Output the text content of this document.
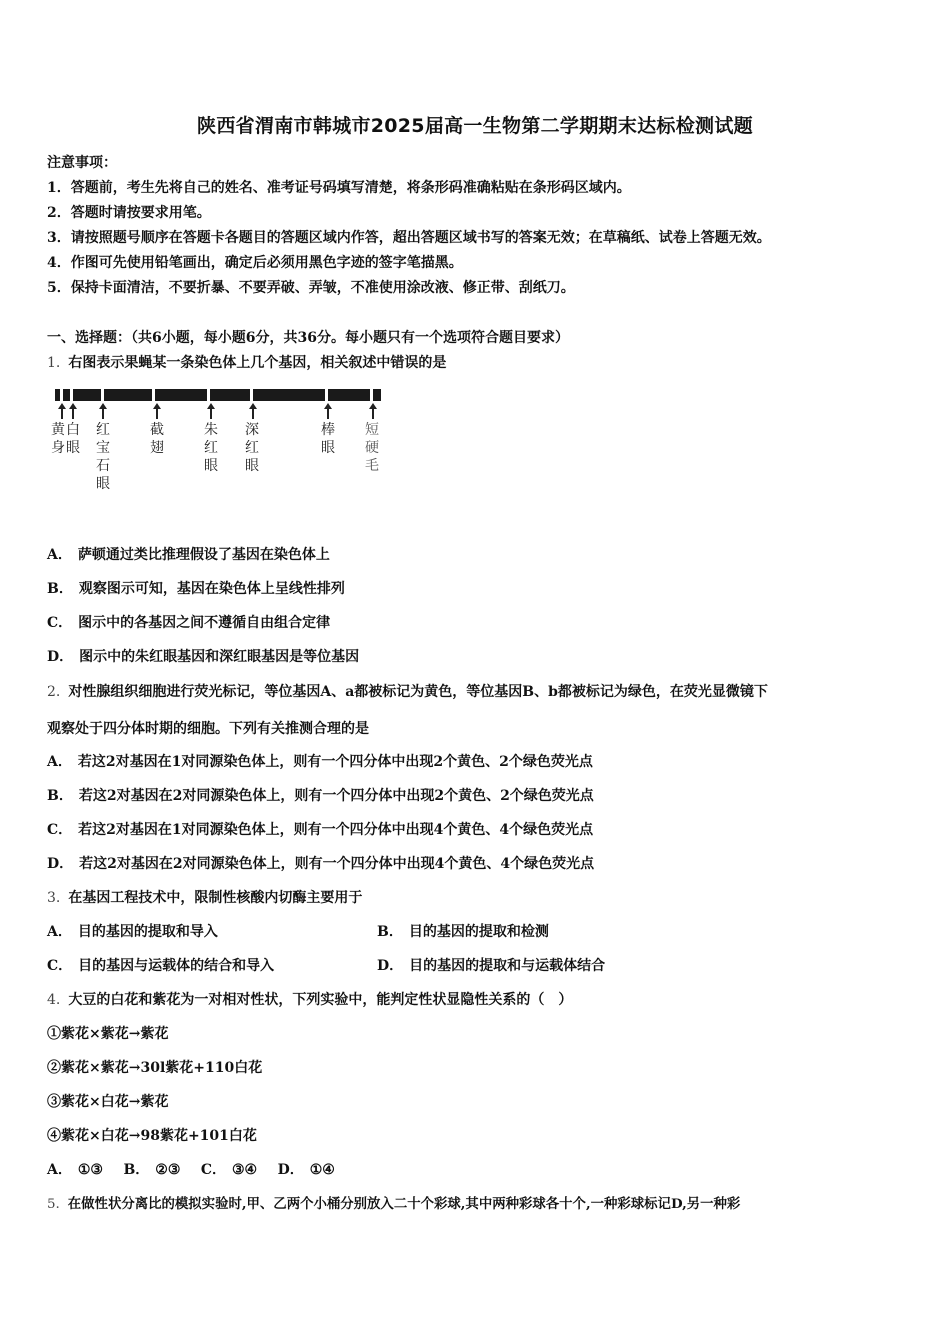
陕西省渭南市韩城市2025届高一生物第二学期期末达标检测试题
注意事项：
1．答题前，考生先将自己的姓名、准考证号码填写清楚，将条形码准确粘贴在条形码区域内。
2．答题时请按要求用笔。
3．请按照题号顺序在答题卡各题目的答题区域内作答，超出答题区域书写的答案无效；在草稿纸、试卷上答题无效。
4．作图可先使用铅笔画出，确定后必须用黑色字迹的签字笔描黑。
5．保持卡面清洁，不要折暴、不要弄破、弄皱，不准使用涂改液、修正带、刮纸刀。
一、选择题：（共6小题，每小题6分，共36分。每小题只有一个选项符合题目要求）
1. 右图表示果蝇某一条染色体上几个基因，相关叙述中错误的是
黄身
白眼
红宝石眼
截翅
朱红眼
深红眼
棒眼
短硬毛
A． 萨顿通过类比推理假设了基因在染色体上
B． 观察图示可知，基因在染色体上呈线性排列
C． 图示中的各基因之间不遵循自由组合定律
D． 图示中的朱红眼基因和深红眼基因是等位基因
2. 对性腺组织细胞进行荧光标记，等位基因A、a都被标记为黄色，等位基因B、b都被标记为绿色，在荧光显微镜下
观察处于四分体时期的细胞。下列有关推测合理的是
A． 若这2对基因在1对同源染色体上，则有一个四分体中出现2个黄色、2个绿色荧光点
B． 若这2对基因在2对同源染色体上，则有一个四分体中出现2个黄色、2个绿色荧光点
C． 若这2对基因在1对同源染色体上，则有一个四分体中出现4个黄色、4个绿色荧光点
D． 若这2对基因在2对同源染色体上，则有一个四分体中出现4个黄色、4个绿色荧光点
3. 在基因工程技术中，限制性核酸内切酶主要用于
A． 目的基因的提取和导入	B． 目的基因的提取和检测
C． 目的基因与运载体的结合和导入	D． 目的基因的提取和与运载体结合
4. 大豆的白花和紫花为一对相对性状，下列实验中，能判定性状显隐性关系的（　）
①紫花×紫花→紫花
②紫花×紫花→30l紫花+110白花
③紫花×白花→紫花
④紫花×白花→98紫花+101白花
A． ①③ B． ②③ C． ③④ D． ①④
5. 在做性状分离比的模拟实验时,甲、乙两个小桶分别放入二十个彩球,其中两种彩球各十个,一种彩球标记D,另一种彩
